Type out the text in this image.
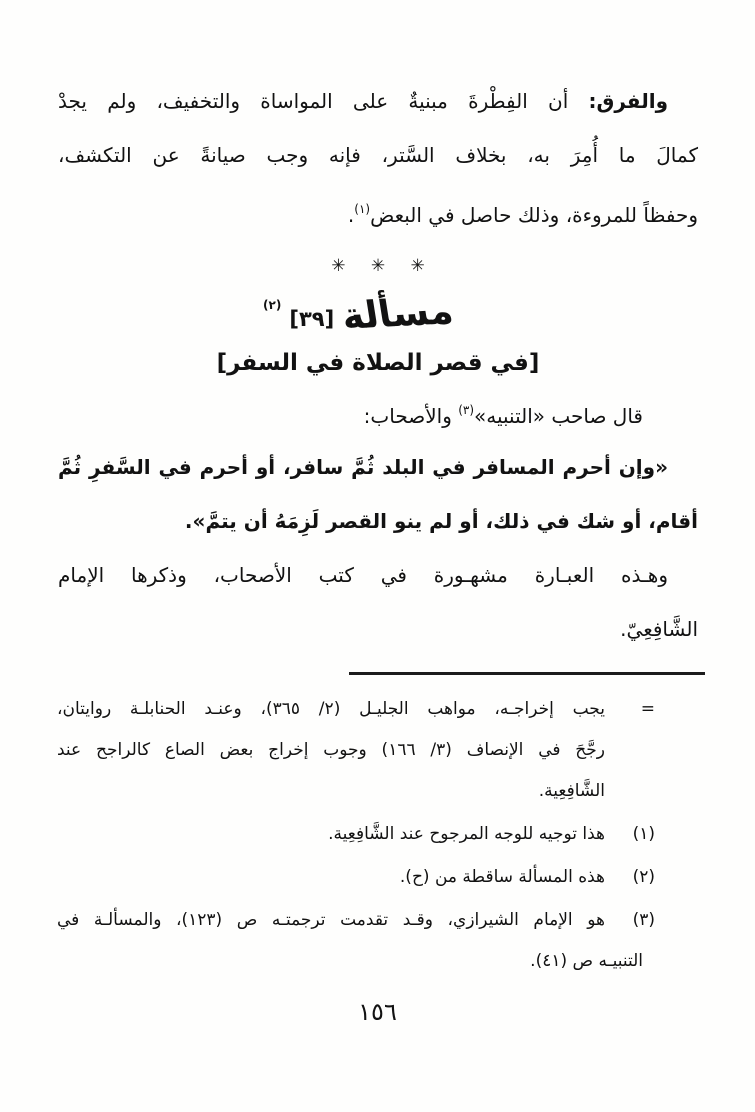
والفرق: أن الفِطْرةَ مبنيةٌ على المواساة والتخفيف، ولم يجدْ
كمالَ ما أُمِرَ به، بخلاف السَّتر، فإنه وجب صيانةً عن التكشف،
وحفظاً للمروءة، وذلك حاصل في البعض$^{(١)}$.
✳ ✳ ✳
مسألة
[٣٩]
(٢)
[في قصر الصلاة في السفر]
قال صاحب «التنبيه»$^{(٣)}$ والأصحاب:
«وإن أحرم المسافر في البلد ثُمَّ سافر، أو أحرم في السَّفرِ ثُمَّ
أقام، أو شك في ذلك، أو لم ينو القصر لَزِمَهُ أن يتمَّ».
وهـذه العبـارة مشهـورة في كتب الأصحاب، وذكرها الإمام
الشَّافِعِيّ.
=
يجب إخراجـه، مواهب الجليـل (٢/ ٣٦٥)، وعنـد الحنابلـة روايتان،
رجَّحَ في الإنصاف (٣/ ١٦٦) وجوب إخراج بعض الصاع كالراجح عند
الشَّافِعِية.
(١)
هذا توجيه للوجه المرجوح عند الشَّافِعِية.
(٢)
هذه المسألة ساقطة من (ح).
(٣)
هو الإمام الشيرازي، وقـد تقدمت ترجمتـه ص (١٢٣)، والمسألـة في
التنبيـه ص (٤١).
١٥٦
